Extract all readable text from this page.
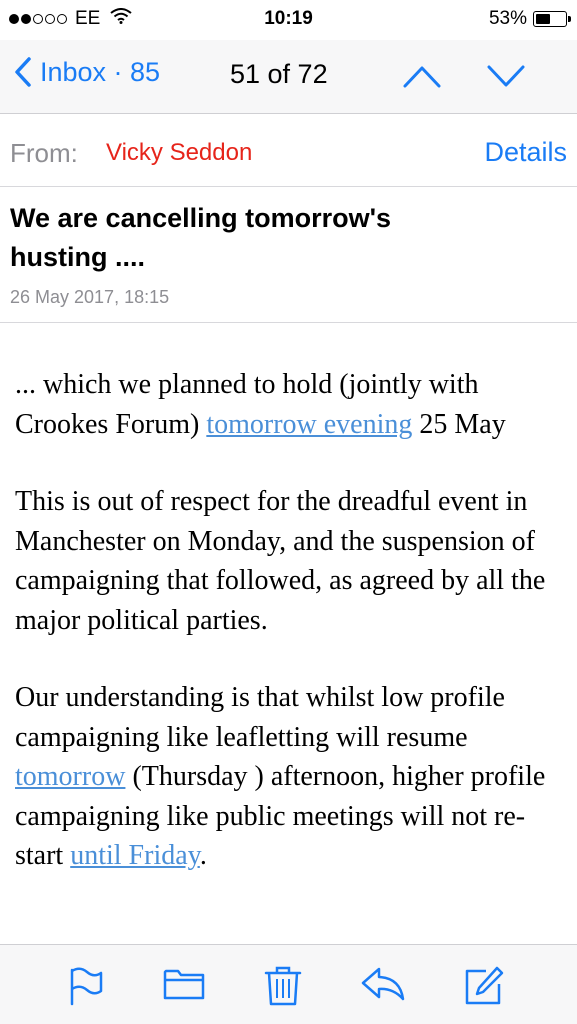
EE	10:19	53%
Inbox · 85	51 of 72
From: Vicky Seddon	Details
We are cancelling tomorrow's
husting ....
26 May 2017, 18:15

... which we planned to hold (jointly with Crookes Forum) tomorrow evening 25 May

This is out of respect for the dreadful event in Manchester on Monday, and the suspension of campaigning that followed, as agreed by all the major political parties.

Our understanding is that whilst low profile campaigning like leafletting will resume tomorrow (Thursday ) afternoon, higher profile campaigning like public meetings will not re-start until Friday.
